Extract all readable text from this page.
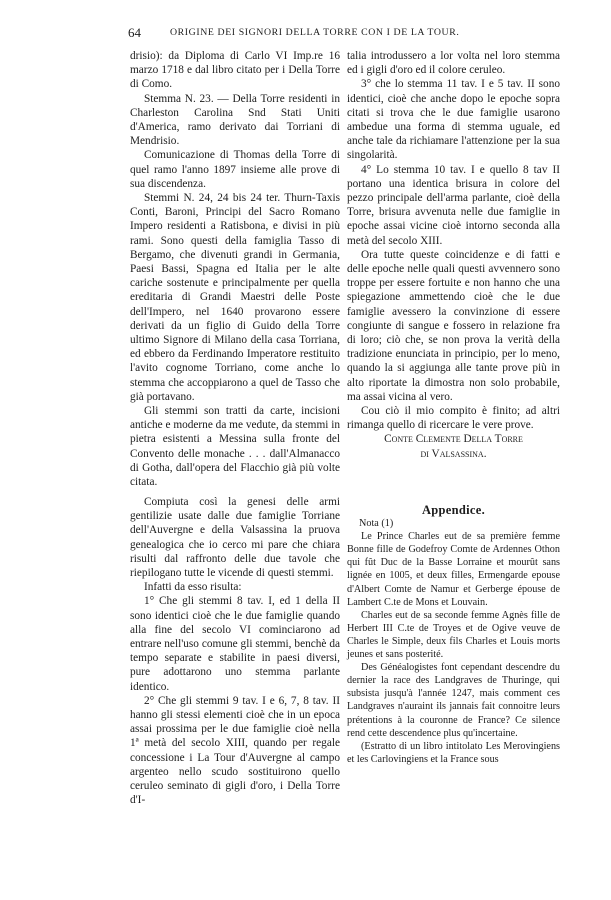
64	ORIGINE DEI SIGNORI DELLA TORRE CON I DE LA TOUR.

drisio): da Diploma di Carlo VI Imp.re 16 marzo 1718 e dal libro citato per i Della Torre di Como.

Stemma N. 23. — Della Torre residenti in Charleston Carolina Snd Stati Uniti d'America, ramo derivato dai Torriani di Mendrisio.

Comunicazione di Thomas della Torre di quel ramo l'anno 1897 insieme alle prove di sua discendenza.

Stemmi N. 24, 24 bis 24 ter. Thurn-Taxis Conti, Baroni, Principi del Sacro Romano Impero residenti a Ratisbona, e divisi in più rami. Sono questi della famiglia Tasso di Bergamo, che divenuti grandi in Germania, Paesi Bassi, Spagna ed Italia per le alte cariche sostenute e principalmente per quella ereditaria di Grandi Maestri delle Poste dell'Impero, nel 1640 provarono essere derivati da un figlio di Guido della Torre ultimo Signore di Milano della casa Torriana, ed ebbero da Ferdinando Imperatore restituito l'avito cognome Torriano, come anche lo stemma che accoppiarono a quel de Tasso che già portavano.

Gli stemmi son tratti da carte, incisioni antiche e moderne da me vedute, da stemmi in pietra esistenti a Messina sulla fronte del Convento delle monache . . . dall'Almanacco di Gotha, dall'opera del Flacchio già più volte citata.

Compiuta così la genesi delle armi gentilizie usate dalle due famiglie Torriane dell'Auvergne e della Valsassina la pruova genealogica che io cerco mi pare che chiara risulti dal raffronto delle due tavole che riepilogano tutte le vicende di questi stemmi.

Infatti da esso risulta:

1° Che gli stemmi 8 tav. I, ed 1 della II sono identici cioè che le due famiglie quando alla fine del secolo VI cominciarono ad entrare nell'uso comune gli stemmi, benchè da tempo separate e stabilite in paesi diversi, pure adottarono uno stemma parlante identico.

2° Che gli stemmi 9 tav. I e 6, 7, 8 tav. II hanno gli stessi elementi cioè che in un epoca assai prossima per le due famiglie cioè nella 1ª metà del secolo XIII, quando per regale concessione i La Tour d'Auvergne al campo argenteo nello scudo sostituirono quello ceruleo seminato di gigli d'oro, i Della Torre d'I-

talia introdussero a lor volta nel loro stemma ed i gigli d'oro ed il colore ceruleo.

3° che lo stemma 11 tav. I e 5 tav. II sono identici, cioè che anche dopo le epoche sopra citati si trova che le due famiglie usarono ambedue una forma di stemma uguale, ed anche tale da richiamare l'attenzione per la sua singolarità.

4° Lo stemma 10 tav. I e quello 8 tav II portano una identica brisura in colore del pezzo principale dell'arma parlante, cioè della Torre, brisura avvenuta nelle due famiglie in epoche assai vicine cioè intorno seconda alla metà del secolo XIII.

Ora tutte queste coincidenze e di fatti e delle epoche nelle quali questi avvennero sono troppe per essere fortuite e non hanno che una spiegazione ammettendo cioè che le due famiglie avessero la convinzione di essere congiunte di sangue e fossero in relazione fra di loro; ciò che, se non prova la verità della tradizione enunciata in principio, per lo meno, quando la si aggiunga alle tante prove più in alto riportate la dimostra non solo probabile, ma assai vicina al vero.

Cou ciò il mio compito è finito; ad altri rimanga quello di ricercare le vere prove.

Conte Clemente Della Torre

di Valsassina.

Appendice.

Nota (1)

Le Prince Charles eut de sa première femme Bonne fille de Godefroy Comte de Ardennes Othon qui fût Duc de la Basse Lorraine et mourût sans lignée en 1005, et deux filles, Ermengarde epouse d'Albert Comte de Namur et Gerberge épouse de Lambert C.te de Mons et Louvain.

Charles eut de sa seconde femme Agnès fille de Herbert III C.te de Troyes et de Ogive veuve de Charles le Simple, deux fils Charles et Louis morts jeunes et sans posterité.

Des Généalogistes font cependant descendre du dernier la race des Landgraves de Thuringe, qui subsista jusqu'à l'année 1247, mais comment ces Landgraves n'auraint ils jannais fait connoitre leurs prétentions à la couronne de France? Ce silence rend cette descendence plus qu'incertaine.

(Estratto di un libro intitolato Les Merovingiens et les Carlovingiens et la France sous
